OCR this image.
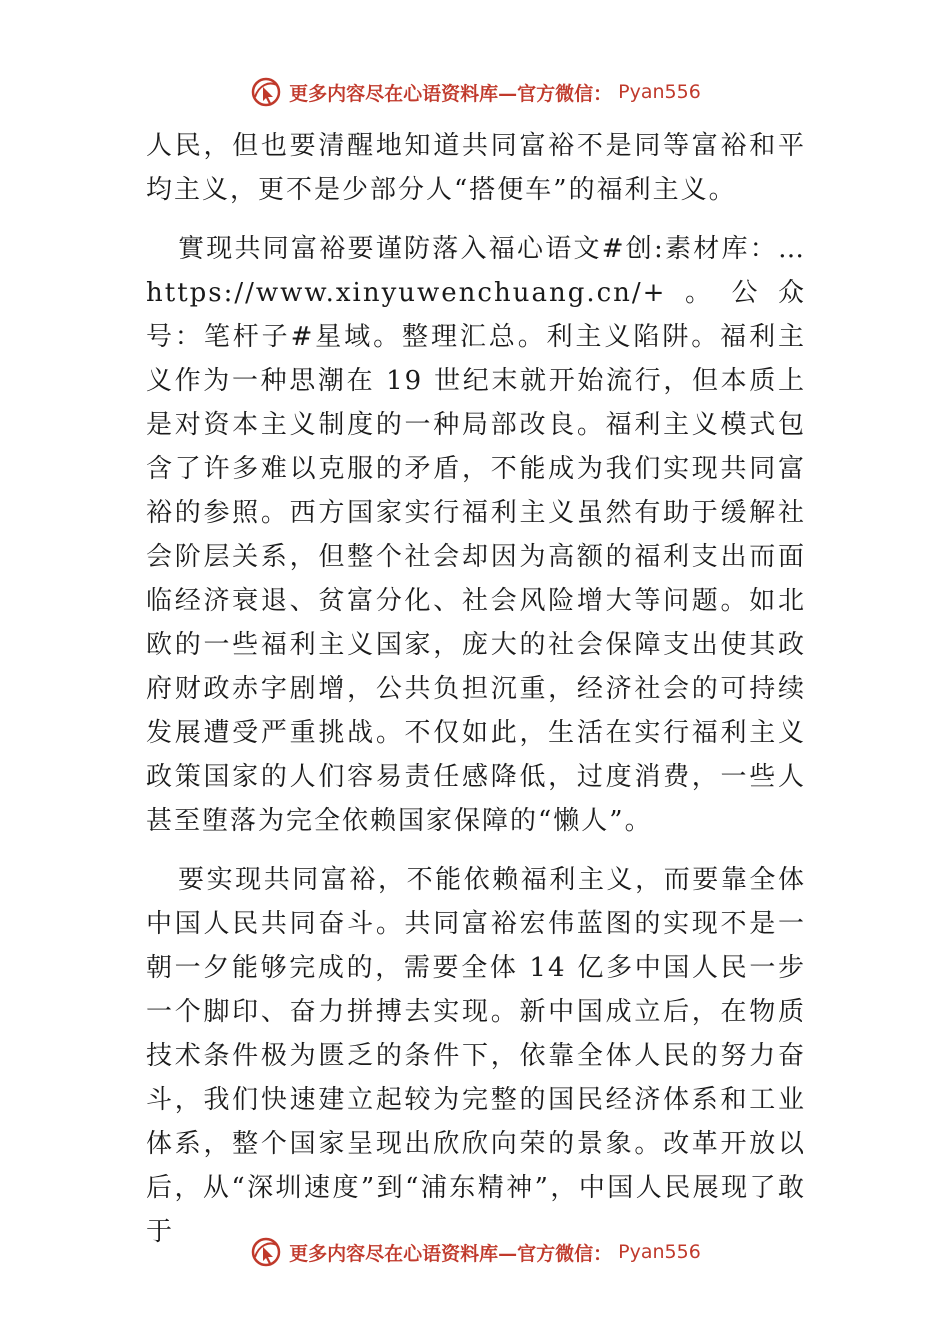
更多内容尽在心语资料库—官方微信： Pyan556

人民，但也要清醒地知道共同富裕不是同等富裕和平均主义，更不是少部分人“搭便车”的福利主义。

實现共同富裕要谨防落入福心语文#创:素材库：…https://www.xinyuwenchuang.cn/+。公众号：笔杆子#星域。整理汇总。利主义陷阱。福利主义作为一种思潮在 19 世纪末就开始流行，但本质上是对资本主义制度的一种局部改良。福利主义模式包含了许多难以克服的矛盾，不能成为我们实现共同富裕的参照。西方国家实行福利主义虽然有助于缓解社会阶层关系，但整个社会却因为高额的福利支出而面临经济衰退、贫富分化、社会风险增大等问题。如北欧的一些福利主义国家，庞大的社会保障支出使其政府财政赤字剧增，公共负担沉重，经济社会的可持续发展遭受严重挑战。不仅如此，生活在实行福利主义政策国家的人们容易责任感降低，过度消费，一些人甚至堕落为完全依赖国家保障的“懒人”。

要实现共同富裕，不能依赖福利主义，而要靠全体中国人民共同奋斗。共同富裕宏伟蓝图的实现不是一朝一夕能够完成的，需要全体 14 亿多中国人民一步一个脚印、奋力拼搏去实现。新中国成立后，在物质技术条件极为匮乏的条件下，依靠全体人民的努力奋斗，我们快速建立起较为完整的国民经济体系和工业体系，整个国家呈现出欣欣向荣的景象。改革开放以后，从“深圳速度”到“浦东精神”，中国人民展现了敢于

更多内容尽在心语资料库—官方微信： Pyan556
